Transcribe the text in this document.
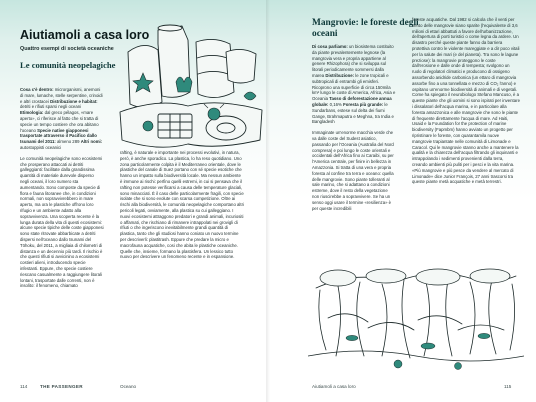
Aiutiamoli a casa loro
Quattro esempi di società oceaniche
Le comunità neopelagiche

Cosa c'è dentro: microrganismi, anemoni di mare, lumache, stelle serpentine, crinoidi e altri crostacei Distribuzione e habitat: detriti e rifiuti sparsi negli oceani Etimologia: dal greco pélagos, «mare aperto», ci riferisce al fatto che si tratta di specie un tempo costiere che ora abitano l'oceano Specie native giapponesi trasportate attraverso il Pacifico dallo tsunami del 2011: almeno 289 Altri nomi: autostoppisti oceanici

Le comunità neopelagiche sono ecosistemi che prosperano attaccati ai detriti galleggianti: facilitate dalla grandissima quantità di materiale durevole disperso negli oceani, il loro numero sta aumentando. Sono composte da specie di flora e fauna litoranee che, in condizioni normali, non sopravvivrebbero in mare aperto, ma ora le plastiche offrono loro rifugio e un ambiente adatto alla sopravvivenza. Una scoperta recente è la lunga durata della vita di questi ecosistemi: alcune specie tipiche delle coste giapponesi sono state ritrovate abbarbicate a detriti dispersi nell'oceano dallo tsunami del Tōhoku, del 2011, a migliaia di chilometri di distanza e un decennio più tardi. Il rischio è che questi rifiuti si avvicinino a ecosistemi costieri alieni, introducendo specie infestanti. Eppure, che specie costiere riescano casualmente a raggiungere litorali lontani, trasportate dalle correnti, non è insolito: il fenomeno, chiamato

rafting, è naturale e importante nei processi evolutivi, in natura, però, è anche sporadico. La plastica, lo ha reso quotidiano. Uno zona particolarmente colpita è il Mediterraneo orientale, dove le plastiche del canale di Suez portano con sé specie esotiche che hanno un impatto sulla biodiversità locale. Ma nessun ambiente è immune ai rischi: perfino quelli estremi, in cui si pensava che il rafting non potesse verificarsi a causa delle temperature glaciali, sono minacciati. È il caso delle particolarmente fragili, con specie isolate che si sono evolute con scarsa competizione. Oltre ai rischi alla biodiversità, le comunità neopelagiche comportano altri pericoli legati, ovviamente, alla plastica su cui galleggiano. I nuovi ecosistemi attraggono predatori e grandi animali, incuriositi o affamati, che rischiano di rimanere intrappolati nei grovigli di rifiuti o che ingeriscono inevitabilmente grandi quantità di plastica, tanto che gli studiosi hanno coniato un nuovo termine per descriverli: plastitrash. Eppure che predare la micro e macrofauna acquatiche, cosi che abita le plastiche oceaniche. Quelle che, insieme, formano la plastisfera. Un lessico tutto nuovo per descrivere un fenomeno recente e in espansione.

114	THE PASSENGER	Oceano
Mangrovie: le foreste degli oceani

Di cosa parliamo: un biosistema costituito da piante prevalentemente legnose (la mangrovia vera e propria appartiene al genere Rhizophora) che si sviluppa sul litorali periodicamente sommersi dalla marea Distribuzione: le zone tropicali e subtropicali di entrambi gli emisferi. Ricoprono una superficie di circa 150mila km² lungo le coste di America, Africa, Asia e Oceania Tasso di deforestazione annua globale: 0,16% Foresta più grande: le Sundarbans, estese sul delta dei fiumi Gange, Brahmaputra e Meghna, tra India e Bangladesh

Immaginate un'enorme macchia verde che va dalle coste del Sudest asiatico, passando per l'Oceania (Australia del Nord compresa) e poi lungo le coste orientali e occidentali dell'Africa fino ai Caraibi, su per l'America centrale, per finire in bellezza in Amazzonia. Si tratta di una vera e propria foresta al confine tra terra e oceano: quella delle mangrovie. Sono piante tolleranti al sale marino, che si adattano a condizioni estreme, dove il resto della vegetazione non riuscirebbe a sopravvivere. Se ha un senso oggi usare il termine «resilienza» è per queste incredibili

foreste acquatiche. Dal 1982 si calcola che il venti per cento delle mangrovie siano sparite (l'equivalente di 3,6 milioni di ettari abbattuti a favore dell'urbanizzazione, dell'apertura di porti turistici o come legna da ardere. Un disastro perché queste piante fanno da barriera protettiva contro le violente mareggiate e a dir poco vitali per la salute dei mari (e del pianeta). Tra sono le lagune preziose): la mangrovie proteggono le coste dall'erosione e dalle onde di tempesta; svolgono un ruolo di regolatori climatici e producono di ossigeno assorbendo anidride carbonica (un ettaro di mangrovia assorbe fino a una tonnellata e mezzo di CO₂ l'anno) e ospitano un'enorme biodiversità di animali e di vegetali. Come ha spiegato il neurobiologo Stefano Mancuso, è a queste piante che gli uomini si sono ispirati per inventare i dissalatori dell'acqua marina, e in particolare alla foresta amazzonica e alle mangrovie che sono le piante di frequente direttamente l'acqua di mare. Ad Haiti, Usaid e la Foundation for the protection of marine biodiversity (Fapmbm) hanno avviato un progetto per ripristinare le foreste, con quarantamila nuove mangrovie trapiantate nelle comunità di Limonade e Caracol. Qui le mangrovie stanno anche a mantenere la qualità e la chiarezza dell'acqua filtrando gli inquinanti e intrappolando i sedimenti provenienti dalla terra, creando ambienti più puliti per i pesci e la vita marina. «Più mangrovie e più pesce da vendere al mercato di Limonade» dice Junior François, 27 anni trascorsi tra queste piante metà acquatiche e metà terrestri.

Aiutiamoli a casa loro	115
